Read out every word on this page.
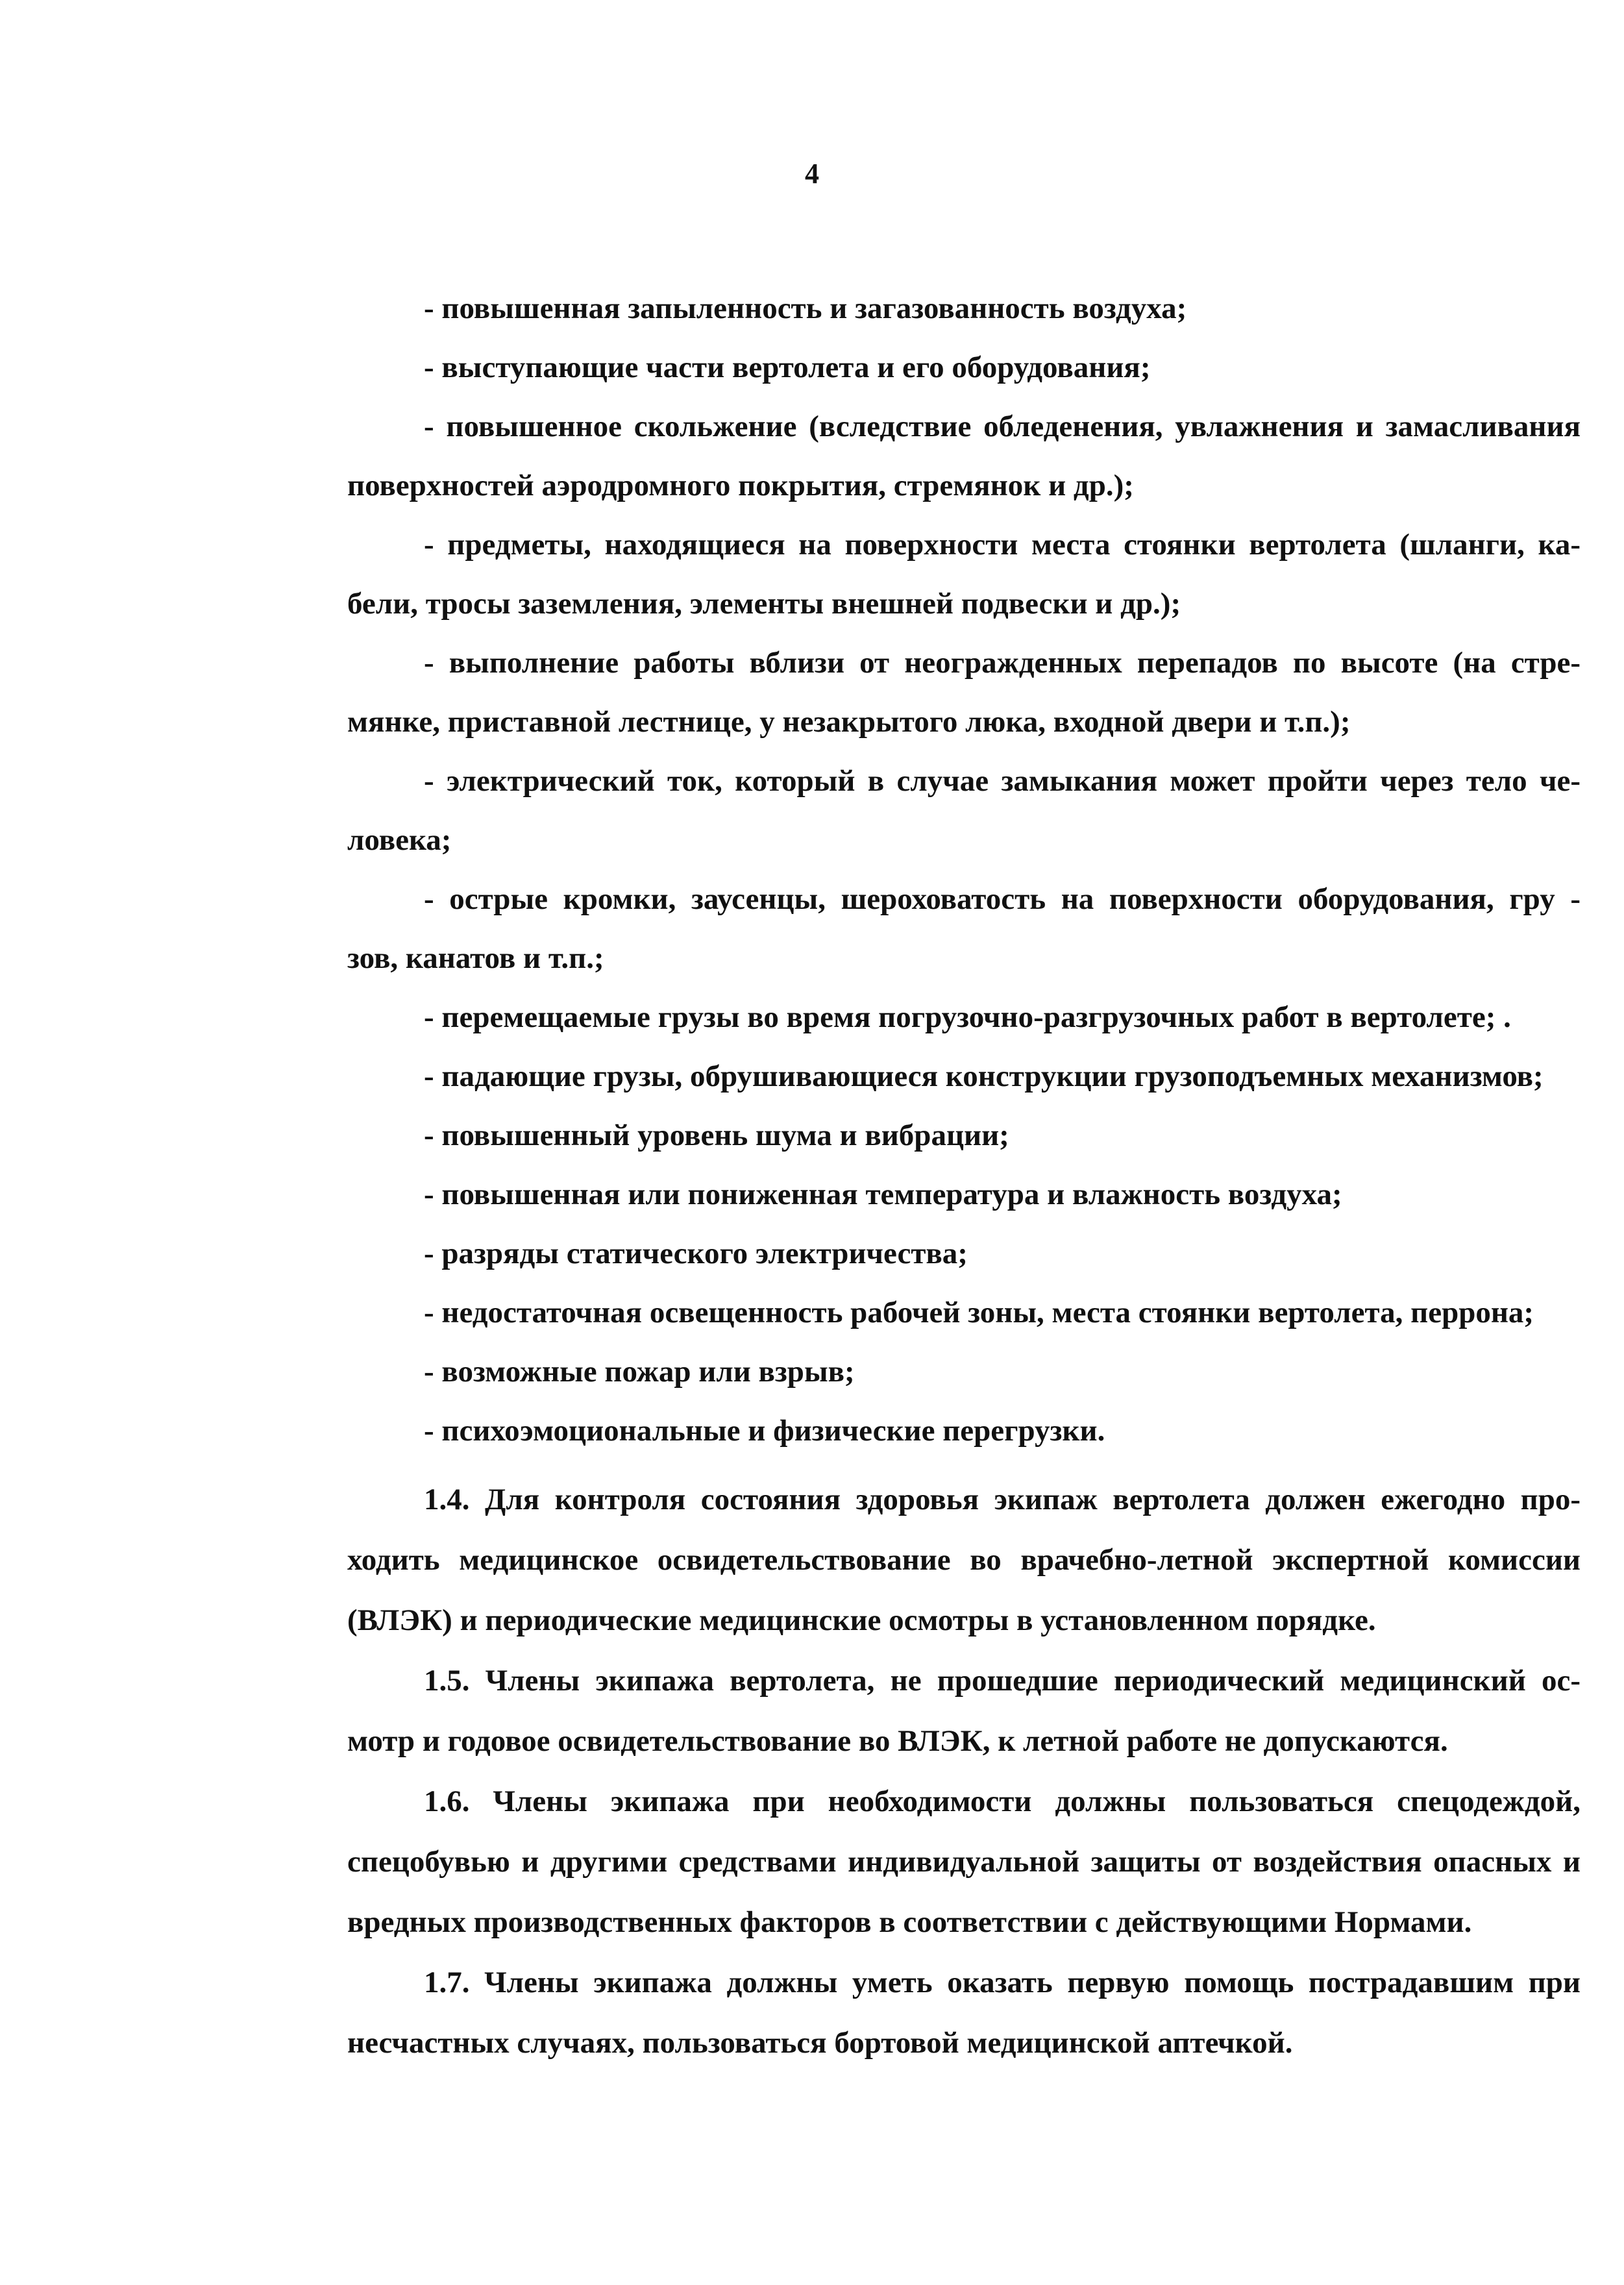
4
- повышенная запыленность и загазованность воздуха;
- выступающие части вертолета и его оборудования;
- повышенное скольжение (вследствие обледенения, увлажнения и замасливания
поверхностей аэродромного покрытия, стремянок и др.);
- предметы, находящиеся на поверхности места стоянки вертолета (шланги, ка-
бели, тросы заземления, элементы внешней подвески и др.);
- выполнение работы вблизи от неогражденных перепадов по высоте (на стре-
мянке, приставной лестнице, у незакрытого люка, входной двери и т.п.);
- электрический ток, который в случае замыкания может пройти через тело че-
ловека;
- острые кромки, заусенцы, шероховатость на поверхности оборудования, гру -
зов, канатов и т.п.;
- перемещаемые грузы во время погрузочно-разгрузочных работ в вертолете; .
- падающие грузы, обрушивающиеся конструкции грузоподъемных механизмов;
- повышенный уровень шума и вибрации;
- повышенная или пониженная температура и влажность воздуха;
- разряды статического электричества;
- недостаточная освещенность рабочей зоны, места стоянки вертолета, перрона;
- возможные пожар или взрыв;
- психоэмоциональные и физические перегрузки.
1.4. Для контроля состояния здоровья экипаж вертолета должен ежегодно про-
ходить медицинское освидетельствование во врачебно-летной экспертной комиссии
(ВЛЭК) и периодические медицинские осмотры в установленном порядке.
1.5. Члены экипажа вертолета, не прошедшие периодический медицинский ос-
мотр и годовое освидетельствование во ВЛЭК, к летной работе не допускаются.
1.6. Члены экипажа при необходимости должны пользоваться спецодеждой,
спецобувью и другими средствами индивидуальной защиты от воздействия опасных и
вредных производственных факторов в соответствии с действующими Нормами.
1.7. Члены экипажа должны уметь оказать первую помощь пострадавшим при
несчастных случаях, пользоваться бортовой медицинской аптечкой.
